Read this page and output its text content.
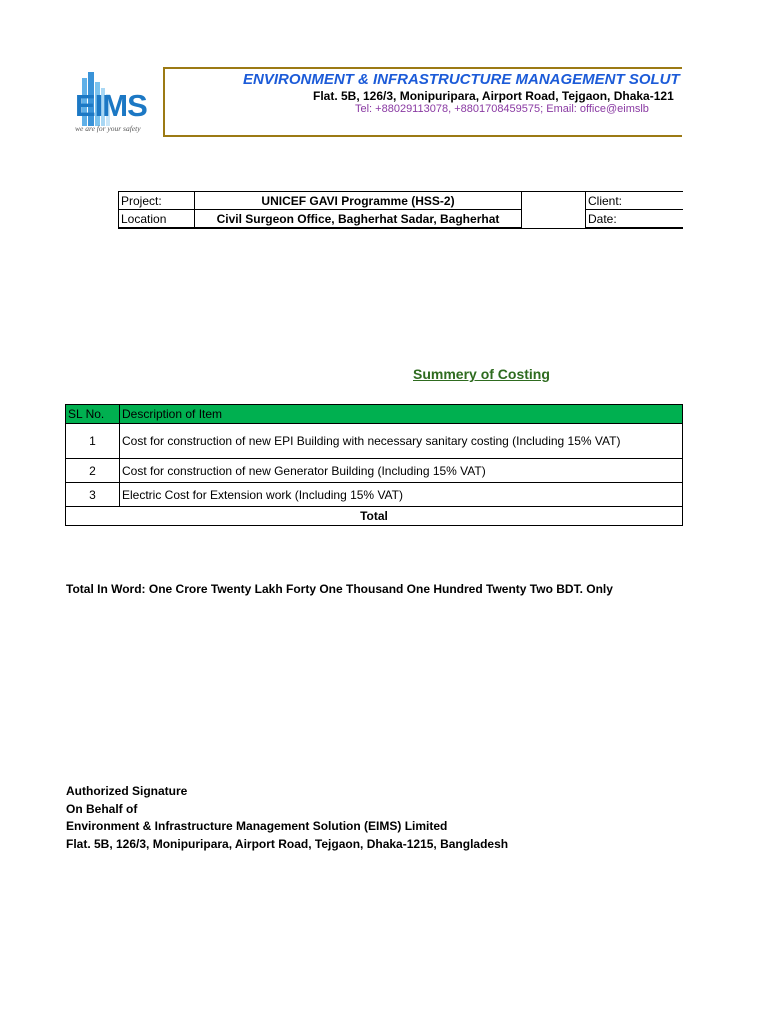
EIMS
we are for your safety
ENVIRONMENT & INFRASTRUCTURE MANAGEMENT SOLUT
Flat. 5B, 126/3, Monipuripara, Airport Road, Tejgaon, Dhaka-121
Tel: +88029113078, +8801708459575; Email: office@eimslb
Project:	UNICEF GAVI Programme (HSS-2)		Client:
Location	Civil Surgeon Office, Bagherhat Sadar, Bagherhat		Date:
Summery of Costing
SL No.	Description of Item
1	Cost for construction of new EPI Building with necessary sanitary costing (Including 15% VAT)
2	Cost for construction of new Generator Building (Including 15% VAT)
3	Electric Cost for Extension work (Including 15% VAT)
Total	
Total In Word: One Crore Twenty Lakh Forty One Thousand One Hundred Twenty Two BDT. Only
Authorized Signature
On Behalf of
Environment & Infrastructure Management Solution (EIMS) Limited
Flat. 5B, 126/3, Monipuripara, Airport Road, Tejgaon, Dhaka-1215, Bangladesh
